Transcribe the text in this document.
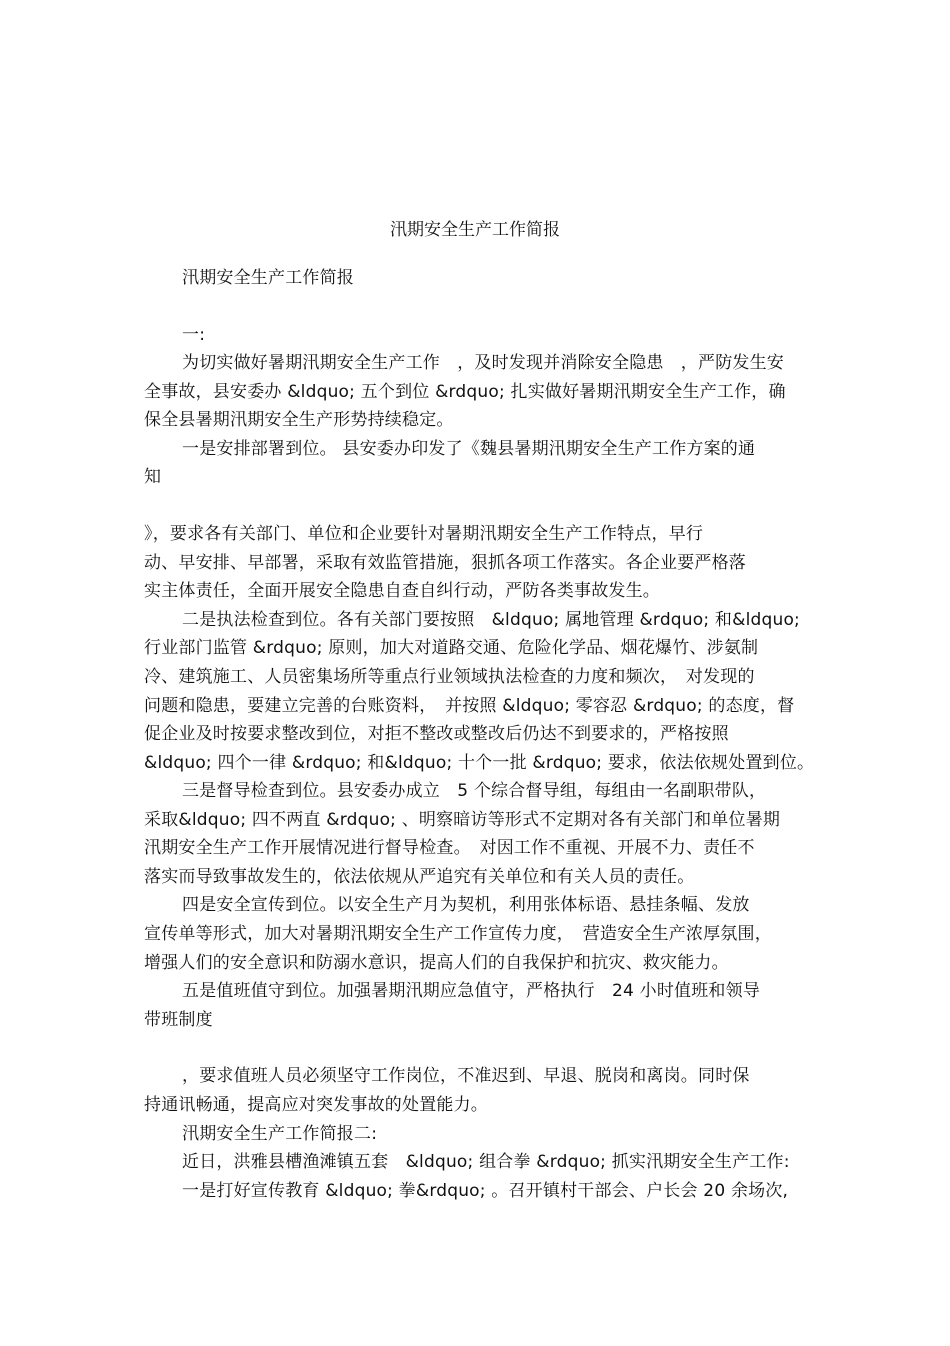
汛期安全生产工作简报
汛期安全生产工作简报
一:
为切实做好暑期汛期安全生产工作　，及时发现并消除安全隐患　，严防发生安
全事故，县安委办 &ldquo; 五个到位 &rdquo; 扎实做好暑期汛期安全生产工作，确
保全县暑期汛期安全生产形势持续稳定。
一是安排部署到位。 县安委办印发了《魏县暑期汛期安全生产工作方案的通
知
》，要求各有关部门、单位和企业要针对暑期汛期安全生产工作特点，早行
动、早安排、早部署，采取有效监管措施，狠抓各项工作落实。各企业要严格落
实主体责任，全面开展安全隐患自查自纠行动，严防各类事故发生。
二是执法检查到位。各有关部门要按照　&ldquo; 属地管理 &rdquo; 和&ldquo;
行业部门监管 &rdquo; 原则，加大对道路交通、危险化学品、烟花爆竹、涉氨制
冷、建筑施工、人员密集场所等重点行业领域执法检查的力度和频次，　对发现的
问题和隐患，要建立完善的台账资料，　并按照 &ldquo; 零容忍 &rdquo; 的态度，督
促企业及时按要求整改到位，对拒不整改或整改后仍达不到要求的，严格按照
&ldquo; 四个一律 &rdquo; 和&ldquo; 十个一批 &rdquo; 要求，依法依规处置到位。
三是督导检查到位。县安委办成立　5 个综合督导组，每组由一名副职带队，
采取&ldquo; 四不两直 &rdquo; 、明察暗访等形式不定期对各有关部门和单位暑期
汛期安全生产工作开展情况进行督导检查。　对因工作不重视、开展不力、责任不
落实而导致事故发生的，依法依规从严追究有关单位和有关人员的责任。
四是安全宣传到位。以安全生产月为契机，利用张体标语、悬挂条幅、发放
宣传单等形式，加大对暑期汛期安全生产工作宣传力度，　营造安全生产浓厚氛围，
增强人们的安全意识和防溺水意识，提高人们的自我保护和抗灾、救灾能力。
五是值班值守到位。加强暑期汛期应急值守，严格执行　24 小时值班和领导
带班制度
，要求值班人员必须坚守工作岗位，不准迟到、早退、脱岗和离岗。同时保
持通讯畅通，提高应对突发事故的处置能力。
汛期安全生产工作简报二:
近日，洪雅县槽渔滩镇五套　&ldquo; 组合拳 &rdquo; 抓实汛期安全生产工作:
一是打好宣传教育 &ldquo; 拳&rdquo; 。召开镇村干部会、户长会 20 余场次,
